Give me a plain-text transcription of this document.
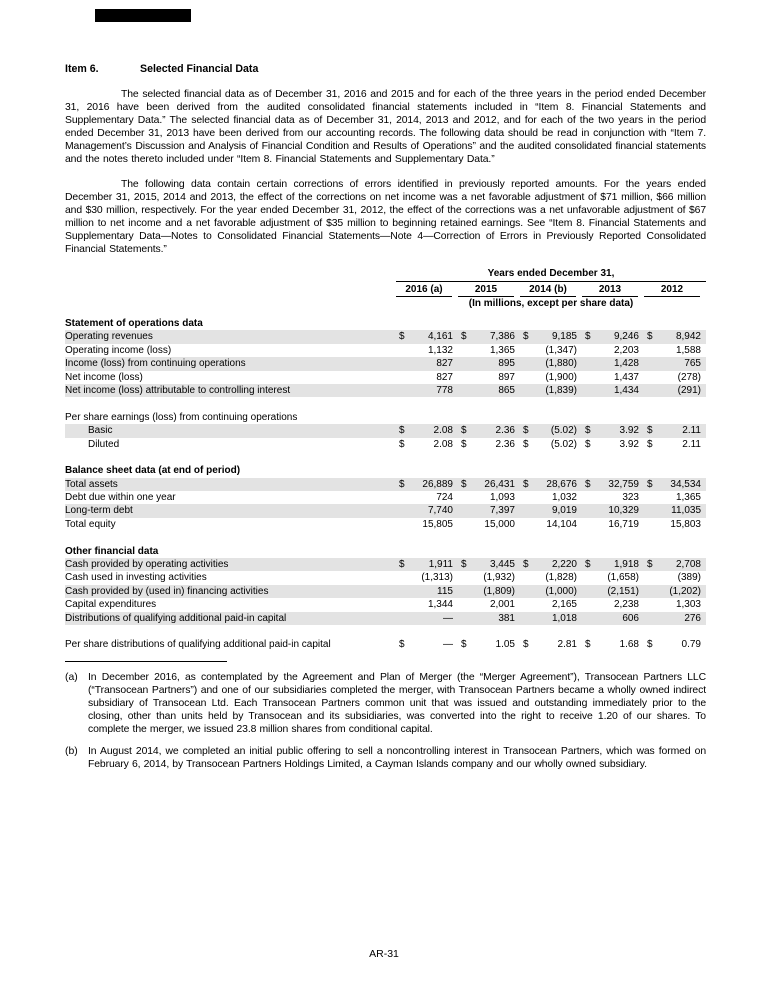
Item 6.	Selected Financial Data

The selected financial data as of December 31, 2016 and 2015 and for each of the three years in the period ended December 31, 2016 have been derived from the audited consolidated financial statements included in “Item 8. Financial Statements and Supplementary Data.” The selected financial data as of December 31, 2014, 2013 and 2012, and for each of the two years in the period ended December 31, 2013 have been derived from our accounting records. The following data should be read in conjunction with “Item 7. Management’s Discussion and Analysis of Financial Condition and Results of Operations” and the audited consolidated financial statements and the notes thereto included under “Item 8. Financial Statements and Supplementary Data.”

The following data contain certain corrections of errors identified in previously reported amounts. For the years ended December 31, 2015, 2014 and 2013, the effect of the corrections on net income was a net favorable adjustment of $71 million, $66 million and $30 million, respectively. For the year ended December 31, 2012, the effect of the corrections was a net unfavorable adjustment of $67 million to net income and a net favorable adjustment of $35 million to beginning retained earnings. See “Item 8. Financial Statements and Supplementary Data—Notes to Consolidated Financial Statements—Note 4—Correction of Errors in Previously Reported Consolidated Financial Statements.”

Years ended December 31,
2016 (a)	2015	2014 (b)	2013	2012
(In millions, except per share data)
Statement of operations data
Operating revenues	$	4,161 $	7,386 $	9,185 $	9,246 $	8,942
Operating income (loss)	1,132	1,365	(1,347)	2,203	1,588
Income (loss) from continuing operations	827	895	(1,880)	1,428	765
Net income (loss)	827	897	(1,900)	1,437	(278)
Net income (loss) attributable to controlling interest	778	865	(1,839)	1,434	(291)
Per share earnings (loss) from continuing operations
Basic	$	2.08 $	2.36 $	(5.02) $	3.92 $	2.11
Diluted	$	2.08 $	2.36 $	(5.02) $	3.92 $	2.11
Balance sheet data (at end of period)
Total assets	$	26,889 $	26,431 $	28,676 $	32,759 $	34,534
Debt due within one year	724	1,093	1,032	323	1,365
Long-term debt	7,740	7,397	9,019	10,329	11,035
Total equity	15,805	15,000	14,104	16,719	15,803
Other financial data
Cash provided by operating activities	$	1,911 $	3,445 $	2,220 $	1,918 $	2,708
Cash used in investing activities	(1,313)	(1,932)	(1,828)	(1,658)	(389)
Cash provided by (used in) financing activities	115	(1,809)	(1,000)	(2,151)	(1,202)
Capital expenditures	1,344	2,001	2,165	2,238	1,303
Distributions of qualifying additional paid-in capital	—	381	1,018	606	276
Per share distributions of qualifying additional paid-in capital	$	— $	1.05 $	2.81 $	1.68 $	0.79
(a) In December 2016, as contemplated by the Agreement and Plan of Merger (the “Merger Agreement”), Transocean Partners LLC (“Transocean Partners”) and one of our subsidiaries completed the merger, with Transocean Partners became a wholly owned indirect subsidiary of Transocean Ltd. Each Transocean Partners common unit that was issued and outstanding immediately prior to the closing, other than units held by Transocean and its subsidiaries, was converted into the right to receive 1.20 of our shares. To complete the merger, we issued 23.8 million shares from conditional capital.
(b) In August 2014, we completed an initial public offering to sell a noncontrolling interest in Transocean Partners, which was formed on February 6, 2014, by Transocean Partners Holdings Limited, a Cayman Islands company and our wholly owned subsidiary.
AR-31
